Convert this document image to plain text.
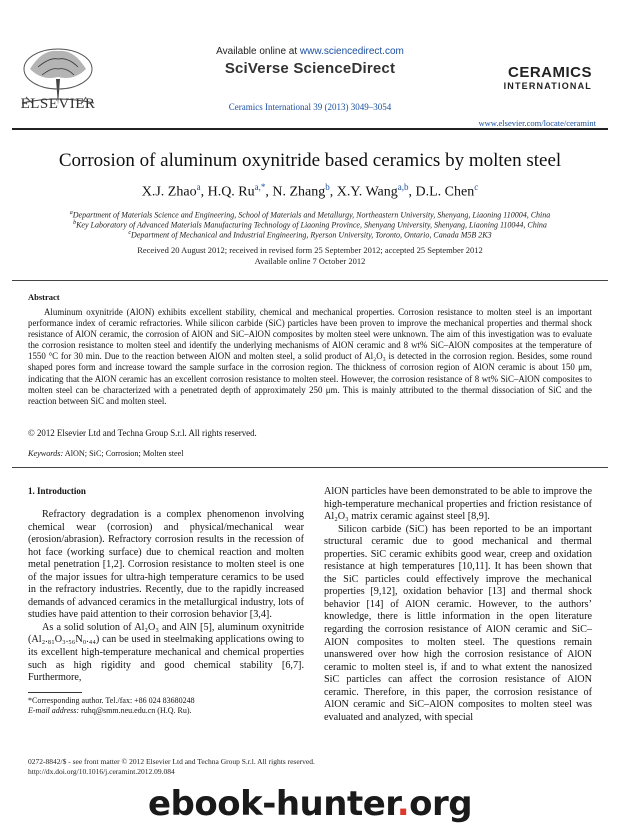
ELSEVIER
Available online at www.sciencedirect.com
SciVerse ScienceDirect
Ceramics International 39 (2013) 3049–3054
CERAMICS
INTERNATIONAL
www.elsevier.com/locate/ceramint
Corrosion of aluminum oxynitride based ceramics by molten steel
X.J. Zhao$^a$, H.Q. $Ru^{a,*}$, N. Zhang$^b$, X.Y. Wang$^{a,b}$, D.L. Chen$^c$
$^a$Department of Materials Science and Engineering, School of Materials and Metallurgy, Northeastern University, Shenyang, Liaoning 110004, China
$^b$Key Laboratory of Advanced Materials Manufacturing Technology of Liaoning Province, Shenyang University, Shenyang, Liaoning 110044, China
$^c$Department of Mechanical and Industrial Engineering, Ryerson University, Toronto, Ontario, Canada M5B 2K3
Received 20 August 2012; received in revised form 25 September 2012; accepted 25 September 2012
Available online 7 October 2012
Abstract
Aluminum oxynitride (AlON) exhibits excellent stability, chemical and mechanical properties. Corrosion resistance to molten steel is an important performance index of ceramic refractories. While silicon carbide (SiC) particles have been proven to improve the mechanical properties and thermal shock resistance of AlON ceramic, the corrosion of AlON and SiC–AlON composites by molten steel were unknown. The aim of this investigation was to evaluate the corrosion resistance to molten steel and identify the underlying mechanisms of AlON ceramic and 8 wt% SiC–AlON composites at the temperature of 1550 °C for 30 min. Due to the reaction between AlON and molten steel, a solid product of Al₂O₃ is detected in the corrosion region. Besides, some round shaped pores form and increase toward the sample surface in the corrosion region. The thickness of corrosion region of AlON ceramic is about 150 μm, indicating that the AlON ceramic has an excellent corrosion resistance to molten steel. However, the corrosion resistance of 8 wt% SiC–AlON composites to molten steel can be characterized with a penetrated depth of approximately 250 μm. This is mainly attributed to the thermal dissociation of SiC and the reaction between SiC and molten steel.
© 2012 Elsevier Ltd and Techna Group S.r.l. All rights reserved.
Keywords: AlON; SiC; Corrosion; Molten steel
1. Introduction

Refractory degradation is a complex phenomenon involving chemical wear (corrosion) and physical/mechanical wear (erosion/abrasion). Refractory corrosion results in the recession of hot face (working surface) due to chemical reaction and molten metal penetration [1,2]. Corrosion resistance to molten steel is one of the major issues for ultra-high temperature ceramics to be used in the refractory industries. Recently, due to the rapidly increased demands of advanced ceramics in the metallurgical industry, lots of studies have paid attention to their corrosion behavior [3,4].

As a solid solution of Al₂O₃ and AlN [5], aluminum oxynitride (Al₂.₈₁O₃.₅₆N₀.₄₄) can be used in steelmaking applications owing to its excellent high-temperature mechanical and chemical properties such as high rigidity and good chemical stability [6,7]. Furthermore,

AlON particles have been demonstrated to be able to improve the high-temperature mechanical properties and friction resistance of Al₂O₃ matrix ceramic against steel [8,9].

Silicon carbide (SiC) has been reported to be an important structural ceramic due to good mechanical and thermal properties. SiC ceramic exhibits good wear, creep and oxidation resistance at high temperatures [10,11]. It has been shown that the SiC particles could effectively improve the mechanical properties [9,12], oxidation behavior [13] and thermal shock behavior [14] of AlON ceramic. However, to the authors’ knowledge, there is little information in the open literature regarding the corrosion resistance of AlON ceramic and SiC–AlON composites to molten steel. The questions remain unanswered over how high the corrosion resistance of AlON ceramic to molten steel is, if and to what extent the nanosized SiC particles can affect the corrosion resistance of AlON ceramic. Therefore, in this paper, the corrosion resistance of AlON ceramic and SiC–AlON composites to molten steel was evaluated and analyzed, with special

*Corresponding author. Tel./fax: +86 024 83680248
E-mail address: ruhq@smm.neu.edu.cn (H.Q. Ru).
0272-8842/$ - see front matter © 2012 Elsevier Ltd and Techna Group S.r.l. All rights reserved.
http://dx.doi.org/10.1016/j.ceramint.2012.09.084
ebook-hunter.org
